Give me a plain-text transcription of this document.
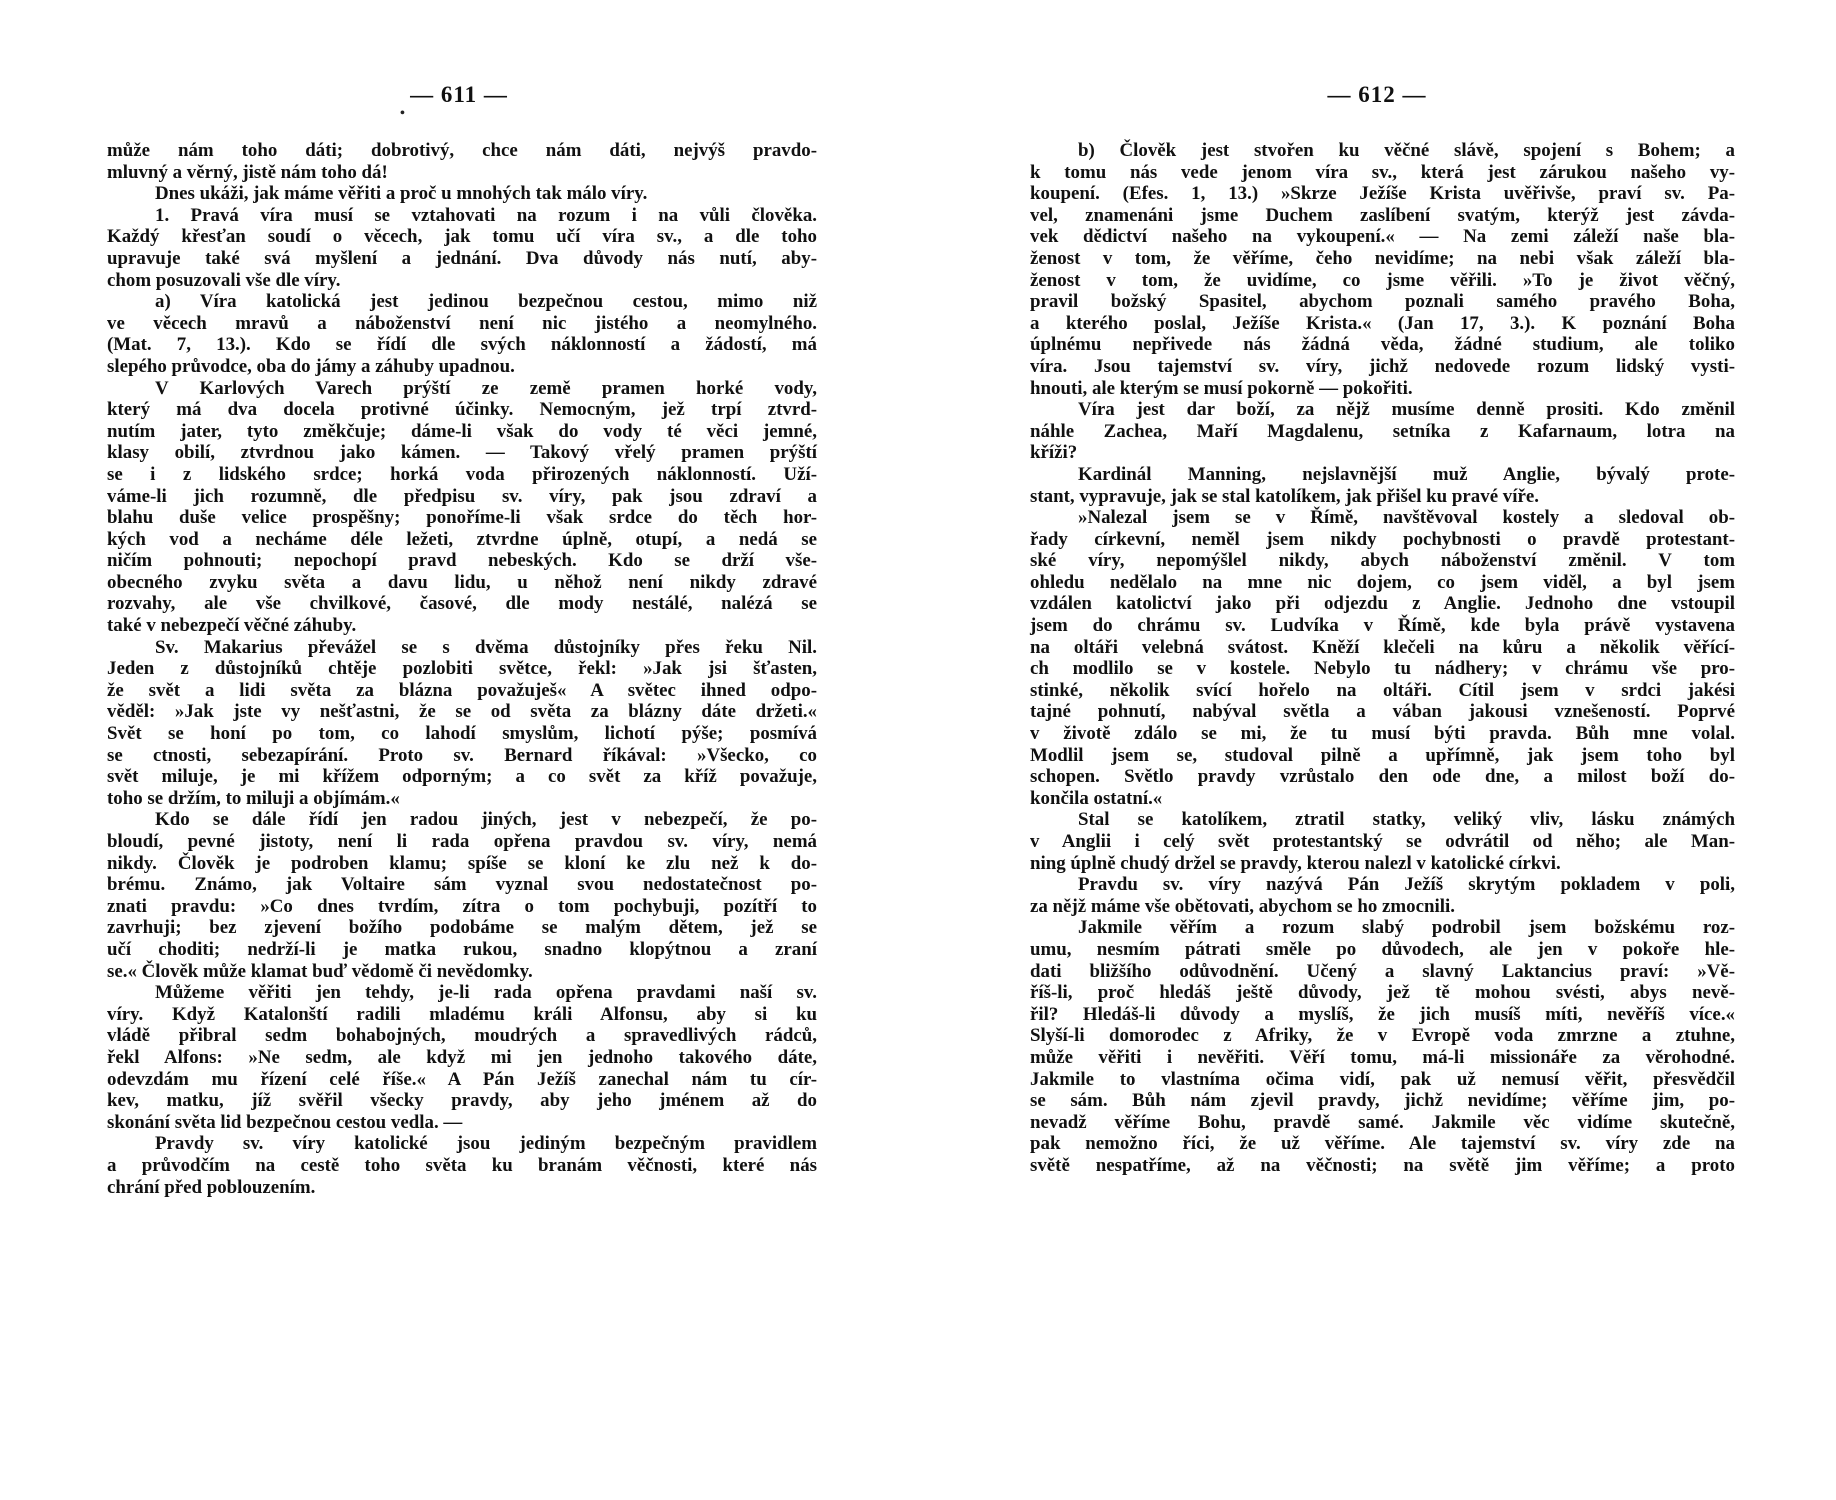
— 611 —
může nám toho dáti; dobrotivý, chce nám dáti, nejvýš pravdo-
mluvný a věrný, jistě nám toho dá!
Dnes ukáži, jak máme věřiti a proč u mnohých tak málo víry.
1. Pravá víra musí se vztahovati na rozum i na vůli člověka.
Každý křesťan soudí o věcech, jak tomu učí víra sv., a dle toho
upravuje také svá myšlení a jednání. Dva důvody nás nutí, aby-
chom posuzovali vše dle víry.
a) Víra katolická jest jedinou bezpečnou cestou, mimo niž
ve věcech mravů a náboženství není nic jistého a neomylného.
(Mat. 7, 13.). Kdo se řídí dle svých náklonností a žádostí, má
slepého průvodce, oba do jámy a záhuby upadnou.
V Karlových Varech prýští ze země pramen horké vody,
který má dva docela protivné účinky. Nemocným, jež trpí ztvrd-
nutím jater, tyto změkčuje; dáme-li však do vody té věci jemné,
klasy obilí, ztvrdnou jako kámen. — Takový vřelý pramen prýští
se i z lidského srdce; horká voda přirozených náklonností. Uží-
váme-li jich rozumně, dle předpisu sv. víry, pak jsou zdraví a
blahu duše velice prospěšny; ponoříme-li však srdce do těch hor-
kých vod a necháme déle ležeti, ztvrdne úplně, otupí, a nedá se
ničím pohnouti; nepochopí pravd nebeských. Kdo se drží vše-
obecného zvyku světa a davu lidu, u něhož není nikdy zdravé
rozvahy, ale vše chvilkové, časové, dle mody nestálé, nalézá se
také v nebezpečí věčné záhuby.
Sv. Makarius převážel se s dvěma důstojníky přes řeku Nil.
Jeden z důstojníků chtěje pozlobiti světce, řekl: »Jak jsi šťasten,
že svět a lidi světa za blázna považuješ« A světec ihned odpo-
věděl: »Jak jste vy nešťastni, že se od světa za blázny dáte držeti.«
Svět se honí po tom, co lahodí smyslům, lichotí pýše; posmívá
se ctnosti, sebezapírání. Proto sv. Bernard říkával: »Všecko, co
svět miluje, je mi křížem odporným; a co svět za kříž považuje,
toho se držím, to miluji a objímám.«
Kdo se dále řídí jen radou jiných, jest v nebezpečí, že po-
bloudí, pevné jistoty, není li rada opřena pravdou sv. víry, nemá
nikdy. Člověk je podroben klamu; spíše se kloní ke zlu než k do-
brému. Známo, jak Voltaire sám vyznal svou nedostatečnost po-
znati pravdu: »Co dnes tvrdím, zítra o tom pochybuji, pozítří to
zavrhuji; bez zjevení božího podobáme se malým dětem, jež se
učí choditi; nedrží-li je matka rukou, snadno klopýtnou a zraní
se.« Člověk může klamat buď vědomě či nevědomky.
Můžeme věřiti jen tehdy, je-li rada opřena pravdami naší sv.
víry. Když Katalonští radili mladému králi Alfonsu, aby si ku
vládě přibral sedm bohabojných, moudrých a spravedlivých rádců,
řekl Alfons: »Ne sedm, ale když mi jen jednoho takového dáte,
odevzdám mu řízení celé říše.« A Pán Ježíš zanechal nám tu cír-
kev, matku, jíž svěřil všecky pravdy, aby jeho jménem až do
skonání světa lid bezpečnou cestou vedla. —
Pravdy sv. víry katolické jsou jediným bezpečným pravidlem
a průvodčím na cestě toho světa ku branám věčnosti, které nás
chrání před poblouzením.
•
— 612 —
b) Člověk jest stvořen ku věčné slávě, spojení s Bohem; a
k tomu nás vede jenom víra sv., která jest zárukou našeho vy-
koupení. (Efes. 1, 13.) »Skrze Ježíše Krista uvěřivše, praví sv. Pa-
vel, znamenáni jsme Duchem zaslíbení svatým, kterýž jest závda-
vek dědictví našeho na vykoupení.« — Na zemi záleží naše bla-
ženost v tom, že věříme, čeho nevidíme; na nebi však záleží bla-
ženost v tom, že uvidíme, co jsme věřili. »To je život věčný,
pravil božský Spasitel, abychom poznali samého pravého Boha,
a kterého poslal, Ježíše Krista.« (Jan 17, 3.). K poznání Boha
úplnému nepřivede nás žádná věda, žádné studium, ale toliko
víra. Jsou tajemství sv. víry, jichž nedovede rozum lidský vysti-
hnouti, ale kterým se musí pokorně — pokořiti.
Víra jest dar boží, za nějž musíme denně prositi. Kdo změnil
náhle Zachea, Maří Magdalenu, setníka z Kafarnaum, lotra na
kříži?
Kardinál Manning, nejslavnější muž Anglie, bývalý prote-
stant, vypravuje, jak se stal katolíkem, jak přišel ku pravé víře.
»Nalezal jsem se v Římě, navštěvoval kostely a sledoval ob-
řady církevní, neměl jsem nikdy pochybnosti o pravdě protestant-
ské víry, nepomýšlel nikdy, abych náboženství změnil. V tom
ohledu nedělalo na mne nic dojem, co jsem viděl, a byl jsem
vzdálen katolictví jako při odjezdu z Anglie. Jednoho dne vstoupil
jsem do chrámu sv. Ludvíka v Římě, kde byla právě vystavena
na oltáři velebná svátost. Kněží klečeli na kůru a několik věřící-
ch modlilo se v kostele. Nebylo tu nádhery; v chrámu vše pro-
stinké, několik svící hořelo na oltáři. Cítil jsem v srdci jakési
tajné pohnutí, nabýval světla a vában jakousi vznešeností. Poprvé
v životě zdálo se mi, že tu musí býti pravda. Bůh mne volal.
Modlil jsem se, studoval pilně a upřímně, jak jsem toho byl
schopen. Světlo pravdy vzrůstalo den ode dne, a milost boží do-
končila ostatní.«
Stal se katolíkem, ztratil statky, veliký vliv, lásku známých
v Anglii i celý svět protestantský se odvrátil od něho; ale Man-
ning úplně chudý držel se pravdy, kterou nalezl v katolické církvi.
Pravdu sv. víry nazývá Pán Ježíš skrytým pokladem v poli,
za nějž máme vše obětovati, abychom se ho zmocnili.
Jakmile věřím a rozum slabý podrobil jsem božskému roz-
umu, nesmím pátrati směle po důvodech, ale jen v pokoře hle-
dati bližšího odůvodnění. Učený a slavný Laktancius praví: »Vě-
říš-li, proč hledáš ještě důvody, jež tě mohou svésti, abys nevě-
řil? Hledáš-li důvody a myslíš, že jich musíš míti, nevěříš více.«
Slyší-li domorodec z Afriky, že v Evropě voda zmrzne a ztuhne,
může věřiti i nevěřiti. Věří tomu, má-li missionáře za věrohodné.
Jakmile to vlastníma očima vidí, pak už nemusí věřit, přesvědčil
se sám. Bůh nám zjevil pravdy, jichž nevidíme; věříme jim, po-
nevadž věříme Bohu, pravdě samé. Jakmile věc vidíme skutečně,
pak nemožno říci, že už věříme. Ale tajemství sv. víry zde na
světě nespatříme, až na věčnosti; na světě jim věříme; a proto
